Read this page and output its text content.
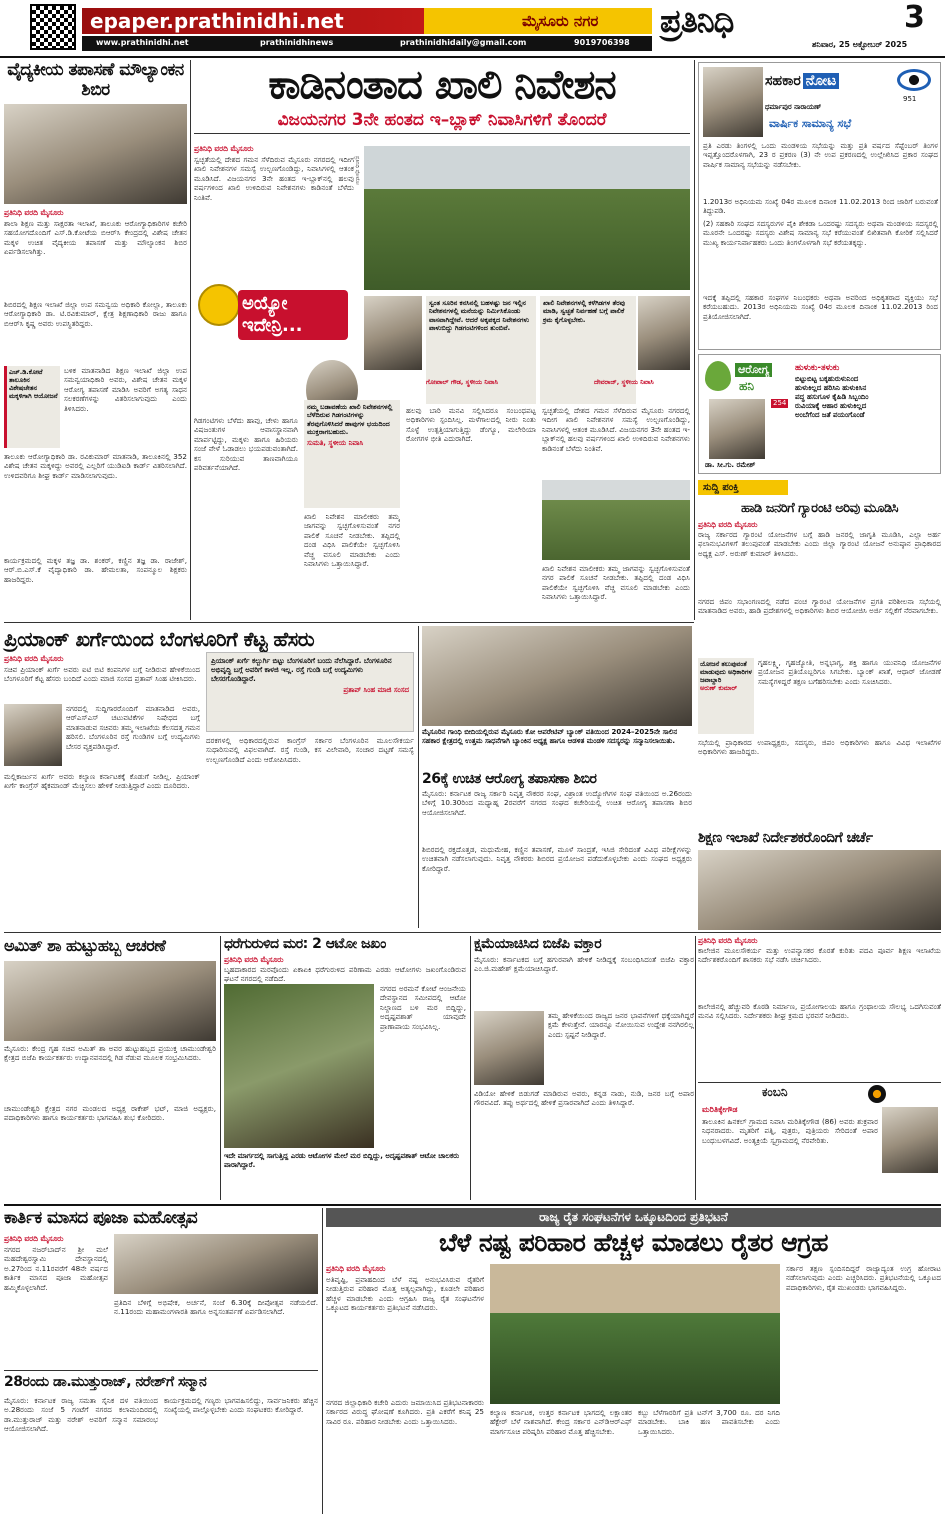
epaper.prathinidhi.net	ಮೈಸೂರು ನಗರ ಪ್ರತಿನಿಧಿ	3
www.prathinidhi.net	prathinidhinews	prathinidhidaily@gmail.com	9019706398	ಶನಿವಾರ, 25 ಅಕ್ಟೋಬರ್ 2025
ವೈದ್ಯಕೀಯ ತಪಾಸಣೆ ಮೌಲ್ಯಾಂಕನ ಶಿಬಿರ
ಪ್ರತಿನಿಧಿ ವರದಿ ಮೈಸೂರು
ಶಾಲಾ ಶಿಕ್ಷಣ ಮತ್ತು ಸಾಕ್ಷರತಾ ಇಲಾಖೆ, ತಾಲೂಕು ಆರೋಗ್ಯಾಧಿಕಾರಿಗಳ ಕಚೇರಿ ಸಹಯೋಗದೊಂದಿಗೆ ಎಸ್.ಡಿ.ಕೋಟೆಯ ಬಿಆರ್‌ಸಿ ಕೇಂದ್ರದಲ್ಲಿ ವಿಶೇಷ ಚೇತನ ಮಕ್ಕಳ ಉಚಿತ ವೈದ್ಯಕೀಯ ತಪಾಸಣೆ ಮತ್ತು ಮೌಲ್ಯಾಂಕನ ಶಿಬಿರ ಏರ್ಪಡಿಸಲಾಗಿತ್ತು.
ಶಿಬಿರದಲ್ಲಿ ಶಿಕ್ಷಣ ಇಲಾಖೆ ಜಿಲ್ಲಾ ಉಪ ಸಮನ್ವಯ ಅಧಿಕಾರಿ ಕೋಲ್ಲಾ, ತಾಲೂಕು ಆರೋಗ್ಯಾಧಿಕಾರಿ ಡಾ. ಟಿ.ರವಿಕುಮಾರ್, ಕ್ಷೇತ್ರ ಶಿಕ್ಷಣಾಧಿಕಾರಿ ರಾಜು ಹಾಗೂ ಬಿಆರ್‌ಸಿ ಕೃಷ್ಣ ಅವರು ಉಪಸ್ಥಿತರಿದ್ದರು.
ಎಚ್.ಡಿ.ಕೋಟೆ ತಾಲೂಕಿನ ವಿಶೇಷಚೇತನ ಮಕ್ಕಳಿಗಾಗಿ ಆಯೋಜನೆ
ಬಳಿಕ ಮಾತನಾಡಿದ ಶಿಕ್ಷಣ ಇಲಾಖೆ ಜಿಲ್ಲಾ ಉಪ ಸಮನ್ವಯಾಧಿಕಾರಿ ಅವರು, ವಿಶೇಷ ಚೇತನ ಮಕ್ಕಳ ಆರೋಗ್ಯ ತಪಾಸಣೆ ಮಾಡಿಸಿ ಅವರಿಗೆ ಅಗತ್ಯ ಸಾಧನ ಸಲಕರಣೆಗಳನ್ನು ವಿತರಿಸಲಾಗುವುದು ಎಂದು ತಿಳಿಸಿದರು.
ತಾಲೂಕು ಆರೋಗ್ಯಾಧಿಕಾರಿ ಡಾ. ರವಿಕುಮಾರ್ ಮಾತನಾಡಿ, ತಾಲೂಕಿನಲ್ಲಿ 352 ವಿಶೇಷ ಚೇತನ ಮಕ್ಕಳಿದ್ದು ಅವರಲ್ಲಿ ಎಲ್ಲರಿಗೆ ಯುಡಿಐಡಿ ಕಾರ್ಡ್ ವಿತರಿಸಲಾಗಿದೆ. ಉಳಿದವರಿಗೂ ಶೀಘ್ರ ಕಾರ್ಡ್ ಮಾಡಿಸಲಾಗುವುದು.
ಕಾರ್ಯಕ್ರಮದಲ್ಲಿ ಮಕ್ಕಳ ತಜ್ಞ ಡಾ. ಶಂಕರ್, ಕಣ್ಣಿನ ತಜ್ಞ ಡಾ. ರಾಜೇಶ್, ಆರ್.ಬಿ.ಎಸ್.ಕೆ ವೈದ್ಯಾಧಿಕಾರಿ ಡಾ. ಹೇಮಲತಾ, ಸಂಪನ್ಮೂಲ ಶಿಕ್ಷಕರು ಹಾಜರಿದ್ದರು.
ಕಾಡಿನಂತಾದ ಖಾಲಿ ನಿವೇಶನ
ವಿಜಯನಗರ 3ನೇ ಹಂತದ ಇ–ಬ್ಲಾಕ್ ನಿವಾಸಿಗಳಿಗೆ ತೊಂದರೆ
ಪ್ರತಿನಿಧಿ ವರದಿ ಮೈಸೂರು
ಸ್ವಚ್ಛತೆಯಲ್ಲಿ ದೇಶದ ಗಮನ ಸೆಳೆದಿರುವ ಮೈಸೂರು ನಗರದಲ್ಲಿ ಇದೀಗ ಖಾಲಿ ನಿವೇಶನಗಳ ಸಮಸ್ಯೆ ಉಲ್ಬಣಗೊಂಡಿದ್ದು, ನಿವಾಸಿಗಳಲ್ಲಿ ಆತಂಕ ಮೂಡಿಸಿದೆ. ವಿಜಯನಗರ 3ನೇ ಹಂತದ ಇ-ಬ್ಲಾಕ್‌ನಲ್ಲಿ ಹಲವು ವರ್ಷಗಳಿಂದ ಖಾಲಿ ಉಳಿದಿರುವ ನಿವೇಶನಗಳು ಕಾಡಿನಂತೆ ಬೆಳೆದು ನಿಂತಿವೆ.
ಪ್ರತಿನಿಧಿ ಫೋಟೋ
ಅಯ್ಯೋ ಇದೇನ್ರಿ...
ಸ್ವಂತ ಸೂರಿನ ಕನಸಿನಲ್ಲಿ ಬಹಳಷ್ಟು ಜನ ಇಲ್ಲಿನ ನಿವೇಶನಗಳಲ್ಲಿ ಮನೆಯನ್ನು ನಿರ್ಮಿಸಿಕೊಂಡು ವಾಸವಾಗಿದ್ದೇವೆ. ಆದರೆ ಅಕ್ಕಪಕ್ಕದ ನಿವೇಶನಗಳು ಪಾಳುಬಿದ್ದು ಗಿಡಗಂಟಿಗಳಿಂದ ತುಂಬಿವೆ.
ಖಾಲಿ ನಿವೇಶನಗಳಲ್ಲಿ ಕಳೆಗಿಡಗಳ ತೆರವು ಮಾಡಿ, ಸ್ವಚ್ಛತೆ ನಿರ್ವಹಣೆ ಬಗ್ಗೆ ಪಾಲಿಕೆ ಕ್ರಮ ಕೈಗೊಳ್ಳಬೇಕು.
ಗೋಪಾಲ್ ಗೌಡ, ಸ್ಥಳೀಯ ನಿವಾಸಿ	ದೇವರಾಜ್, ಸ್ಥಳೀಯ ನಿವಾಸಿ
ಗಿಡಗಂಟಿಗಳು ಬೆಳೆದು ಹಾವು, ಚೇಳು ಹಾಗೂ ವಿಷಜಂತುಗಳ ಆವಾಸಸ್ಥಾನವಾಗಿ ಮಾರ್ಪಟ್ಟಿದ್ದು, ಮಕ್ಕಳು ಹಾಗೂ ಹಿರಿಯರು ಸಂಜೆ ವೇಳೆ ಓಡಾಡಲು ಭಯಪಡುವಂತಾಗಿದೆ. ಕಸ ಸುರಿಯುವ ತಾಣವಾಗಿಯೂ ಪರಿವರ್ತನೆಯಾಗಿದೆ.
ನಮ್ಮ ಬಡಾವಣೆಯ ಖಾಲಿ ನಿವೇಶನಗಳಲ್ಲಿ ಬೆಳೆದಿರುವ ಗಿಡಗಂಟಿಗಳನ್ನು ತೆರವುಗೊಳಿಸಿದರೆ ಹಾವುಗಳ ಭಯದಿಂದ ಮುಕ್ತರಾಗಬಹುದು.
ಸುಮತಿ, ಸ್ಥಳೀಯ ನಿವಾಸಿ
ಖಾಲಿ ನಿವೇಶನ ಮಾಲೀಕರು ತಮ್ಮ ಜಾಗವನ್ನು ಸ್ವಚ್ಛಗೊಳಿಸುವಂತೆ ನಗರ ಪಾಲಿಕೆ ಸೂಚನೆ ನೀಡಬೇಕು. ತಪ್ಪಿದಲ್ಲಿ ದಂಡ ವಿಧಿಸಿ ಪಾಲಿಕೆಯೇ ಸ್ವಚ್ಛಗೊಳಿಸಿ ವೆಚ್ಚ ವಸೂಲಿ ಮಾಡಬೇಕು ಎಂದು ನಿವಾಸಿಗಳು ಒತ್ತಾಯಿಸಿದ್ದಾರೆ.
ಹಲವು ಬಾರಿ ಮನವಿ ಸಲ್ಲಿಸಿದರೂ ಸಂಬಂಧಪಟ್ಟ ಅಧಿಕಾರಿಗಳು ಸ್ಪಂದಿಸಿಲ್ಲ. ಮಳೆಗಾಲದಲ್ಲಿ ನೀರು ನಿಂತು ಸೊಳ್ಳೆ ಉತ್ಪತ್ತಿಯಾಗುತ್ತಿದ್ದು ಡೆಂಗ್ಯೂ, ಮಲೇರಿಯಾ ರೋಗಗಳ ಭೀತಿ ಎದುರಾಗಿದೆ.
ಸ್ವಚ್ಛತೆಯಲ್ಲಿ ದೇಶದ ಗಮನ ಸೆಳೆದಿರುವ ಮೈಸೂರು ನಗರದಲ್ಲಿ ಇದೀಗ ಖಾಲಿ ನಿವೇಶನಗಳ ಸಮಸ್ಯೆ ಉಲ್ಬಣಗೊಂಡಿದ್ದು, ನಿವಾಸಿಗಳಲ್ಲಿ ಆತಂಕ ಮೂಡಿಸಿದೆ. ವಿಜಯನಗರ 3ನೇ ಹಂತದ ಇ-ಬ್ಲಾಕ್‌ನಲ್ಲಿ ಹಲವು ವರ್ಷಗಳಿಂದ ಖಾಲಿ ಉಳಿದಿರುವ ನಿವೇಶನಗಳು ಕಾಡಿನಂತೆ ಬೆಳೆದು ನಿಂತಿವೆ.
ಖಾಲಿ ನಿವೇಶನ ಮಾಲೀಕರು ತಮ್ಮ ಜಾಗವನ್ನು ಸ್ವಚ್ಛಗೊಳಿಸುವಂತೆ ನಗರ ಪಾಲಿಕೆ ಸೂಚನೆ ನೀಡಬೇಕು. ತಪ್ಪಿದಲ್ಲಿ ದಂಡ ವಿಧಿಸಿ ಪಾಲಿಕೆಯೇ ಸ್ವಚ್ಛಗೊಳಿಸಿ ವೆಚ್ಚ ವಸೂಲಿ ಮಾಡಬೇಕು ಎಂದು ನಿವಾಸಿಗಳು ಒತ್ತಾಯಿಸಿದ್ದಾರೆ.
ಸಹಕಾರ ನೋಟ
951
ಧರ್ಮಾಪುರ ನಾರಾಯಣ್
ವಾರ್ಷಿಕ ಸಾಮಾನ್ಯ ಸಭೆ
ಪ್ರತಿ ಎರಡು ತಿಂಗಳಲ್ಲಿ ಒಂದು ಮಂಡಳಿಯ ಸಭೆಯನ್ನು ಮತ್ತು ಪ್ರತಿ ವರ್ಷದ ಸೆಪ್ಟೆಂಬರ್ ತಿಂಗಳ ಇಪ್ಪತ್ತೊಂದರೊಳಗಾಗಿ, 23 ರ ಪ್ರಕರಣ (3) ನೇ ಉಪ ಪ್ರಕರಣದಲ್ಲಿ ಉಲ್ಲೇಖಿಸಿದ ಪ್ರಕಾರ ಸಂಘದ ವಾರ್ಷಿಕ ಸಾಮಾನ್ಯ ಸಭೆಯನ್ನು ನಡೆಸಬೇಕು.
1.2013ರ ಅಧಿನಿಯಮ ಸಂಖ್ಯೆ 04ರ ಮೂಲಕ ದಿನಾಂಕ 11.02.2013 ರಿಂದ ಜಾರಿಗೆ ಬರುವಂತೆ ತಿದ್ದುಪಡಿ.
(2) ಸಹಕಾರಿ ಸಂಘದ ಸದಸ್ಯರುಗಳ ಪೈಕಿ ಶೇಕಡಾ ಒಂದರಷ್ಟು ಸದಸ್ಯರು ಅಥವಾ ಮಂಡಳಿಯ ಸದಸ್ಯರಲ್ಲಿ ಮೂರನೇ ಒಂದರಷ್ಟು ಸದಸ್ಯರು ವಿಶೇಷ ಸಾಮಾನ್ಯ ಸಭೆ ಕರೆಯುವಂತೆ ಲಿಖಿತವಾಗಿ ಕೋರಿಕೆ ಸಲ್ಲಿಸಿದರೆ ಮುಖ್ಯ ಕಾರ್ಯನಿರ್ವಾಹಕರು ಒಂದು ತಿಂಗಳೊಳಗಾಗಿ ಸಭೆ ಕರೆಯತಕ್ಕದ್ದು.
ಇದಕ್ಕೆ ತಪ್ಪಿದಲ್ಲಿ ಸಹಕಾರ ಸಂಘಗಳ ನಿಬಂಧಕರು ಅಥವಾ ಅವರಿಂದ ಅಧಿಕೃತರಾದ ವ್ಯಕ್ತಿಯು ಸಭೆ ಕರೆಯಬಹುದು. 2013ರ ಅಧಿನಿಯಮ ಸಂಖ್ಯೆ 04ರ ಮೂಲಕ ದಿನಾಂಕ 11.02.2013 ರಿಂದ ಪ್ರತಿಯೋಜಿಸಲಾಗಿದೆ.
ಆರೋಗ್ಯ
ಹನಿ
254
ಹುಳುಕು-ತಳುಕು
ಬಿಟ್ಟುಬಿಟ್ಟ ಬಕ್ಕಹುರುಳುನಿಂದ
ಹುಳುಕಿಲ್ಲದ ಹರಿಸಿನಿ ಹುಳುಕಿಸಿನ
ಪದ್ಧ ಹಸುಗೂಳ ಕೈಹಿಡಿ ಸಿಬ್ಬಂದಿಂ
ರುವಿಯಾಕ್ಕೆ ಆಹಾರ ಹುಳುಕಿಲ್ಲದ
ಅಂಬೆಗೆಂದ ಜತೆ ಪಯಂಗೊಂಡೆ
ಡಾ. ಸೀ.ಗು. ರಮೇಶ್
ಸುದ್ದಿ ಪಂಕ್ತಿ
ಹಾಡಿ ಜನರಿಗೆ ಗ್ಯಾರಂಟಿ ಅರಿವು ಮೂಡಿಸಿ
ಪ್ರತಿನಿಧಿ ವರದಿ ಮೈಸೂರು
ರಾಜ್ಯ ಸರ್ಕಾರದ ಗ್ಯಾರಂಟಿ ಯೋಜನೆಗಳ ಬಗ್ಗೆ ಹಾಡಿ ಜನರಲ್ಲಿ ಜಾಗೃತಿ ಮೂಡಿಸಿ, ಎಲ್ಲಾ ಅರ್ಹ ಫಲಾನುಭವಿಗಳಿಗೆ ತಲುಪುವಂತೆ ಮಾಡಬೇಕು ಎಂದು ಜಿಲ್ಲಾ ಗ್ಯಾರಂಟಿ ಯೋಜನೆ ಅನುಷ್ಠಾನ ಪ್ರಾಧಿಕಾರದ ಅಧ್ಯಕ್ಷ ಎಸ್. ಅರುಣ್ ಕುಮಾರ್ ತಿಳಿಸಿದರು.
ನಗರದ ಜಿಪಂ ಸಭಾಂಗಣದಲ್ಲಿ ನಡೆದ ಪಂಚ ಗ್ಯಾರಂಟಿ ಯೋಜನೆಗಳ ಪ್ರಗತಿ ಪರಿಶೀಲನಾ ಸಭೆಯಲ್ಲಿ ಮಾತನಾಡಿದ ಅವರು, ಹಾಡಿ ಪ್ರದೇಶಗಳಲ್ಲಿ ಅಧಿಕಾರಿಗಳು ಶಿಬಿರ ಆಯೋಜಿಸಿ ಅರ್ಜಿ ಸಲ್ಲಿಕೆಗೆ ನೆರವಾಗಬೇಕು.
ಯೋಜನೆ ತಲುಪುವಂತೆ ಮಾಡುವುದು ಅಧಿಕಾರಿಗಳ ಜವಾಬ್ದಾರಿ
ಅರುಣ್ ಕುಮಾರ್
ಗೃಹಲಕ್ಷ್ಮಿ, ಗೃಹಜ್ಯೋತಿ, ಅನ್ನಭಾಗ್ಯ, ಶಕ್ತಿ ಹಾಗೂ ಯುವನಿಧಿ ಯೋಜನೆಗಳ ಪ್ರಯೋಜನ ಪ್ರತಿಯೊಬ್ಬರಿಗೂ ಸಿಗಬೇಕು. ಬ್ಯಾಂಕ್ ಖಾತೆ, ಆಧಾರ್ ಜೋಡಣೆ ಸಮಸ್ಯೆಗಳಿದ್ದರೆ ತಕ್ಷಣ ಬಗೆಹರಿಸಬೇಕು ಎಂದು ಸೂಚಿಸಿದರು.
ಸಭೆಯಲ್ಲಿ ಪ್ರಾಧಿಕಾರದ ಉಪಾಧ್ಯಕ್ಷರು, ಸದಸ್ಯರು, ಜಿಪಂ ಅಧಿಕಾರಿಗಳು ಹಾಗೂ ವಿವಿಧ ಇಲಾಖೆಗಳ ಅಧಿಕಾರಿಗಳು ಹಾಜರಿದ್ದರು.
ಪ್ರಿಯಾಂಕ್ ಖರ್ಗೆಯಿಂದ ಬೆಂಗಳೂರಿಗೆ ಕೆಟ್ಟ ಹೆಸರು
ಪ್ರತಿನಿಧಿ ವರದಿ ಮೈಸೂರು
ಸಚಿವ ಪ್ರಿಯಾಂಕ್ ಖರ್ಗೆ ಅವರು ಐಟಿ ಬಿಟಿ ಕಂಪನಿಗಳ ಬಗ್ಗೆ ನೀಡಿರುವ ಹೇಳಿಕೆಯಿಂದ ಬೆಂಗಳೂರಿಗೆ ಕೆಟ್ಟ ಹೆಸರು ಬಂದಿದೆ ಎಂದು ಮಾಜಿ ಸಂಸದ ಪ್ರತಾಪ್ ಸಿಂಹ ಟೀಕಿಸಿದರು.
ನಗರದಲ್ಲಿ ಸುದ್ದಿಗಾರರೊಂದಿಗೆ ಮಾತನಾಡಿದ ಅವರು, ಆರ್‌ಎಸ್‌ಎಸ್ ಚಟುವಟಿಕೆಗಳ ನಿಷೇಧದ ಬಗ್ಗೆ ಮಾತನಾಡುವ ಸಚಿವರು ತಮ್ಮ ಇಲಾಖೆಯ ಕೆಲಸದತ್ತ ಗಮನ ಹರಿಸಲಿ. ಬೆಂಗಳೂರಿನ ರಸ್ತೆ ಗುಂಡಿಗಳ ಬಗ್ಗೆ ಉದ್ಯಮಿಗಳು ಬೇಸರ ವ್ಯಕ್ತಪಡಿಸಿದ್ದಾರೆ.
ಮಲ್ಲಿಕಾರ್ಜುನ ಖರ್ಗೆ ಅವರು ಕಲ್ಯಾಣ ಕರ್ನಾಟಕಕ್ಕೆ ಕೊಡುಗೆ ನೀಡಿಲ್ಲ. ಪ್ರಿಯಾಂಕ್ ಖರ್ಗೆ ಕಾಂಗ್ರೆಸ್ ಹೈಕಮಾಂಡ್ ಮೆಚ್ಚಿಸಲು ಹೇಳಿಕೆ ನೀಡುತ್ತಿದ್ದಾರೆ ಎಂದು ದೂರಿದರು.
ಪ್ರಿಯಾಂಕ್ ಖರ್ಗೆ ಕಲ್ಬುರ್ಗಿ ಬಿಟ್ಟು ಬೆಂಗಳೂರಿಗೆ ಬಂದು ನೆಲೆಸಿದ್ದಾರೆ. ಬೆಂಗಳೂರಿನ ಅಭಿವೃದ್ಧಿ ಬಗ್ಗೆ ಅವರಿಗೆ ಕಾಳಜಿ ಇಲ್ಲ. ರಸ್ತೆ ಗುಂಡಿ ಬಗ್ಗೆ ಉದ್ಯಮಿಗಳು ಬೇಸರಗೊಂಡಿದ್ದಾರೆ.
ಪ್ರತಾಪ್ ಸಿಂಹ ಮಾಜಿ ಸಂಸದ
ದರಕಗಳಲ್ಲಿ ಅಧಿಕಾರದಲ್ಲಿರುವ ಕಾಂಗ್ರೆಸ್ ಸರ್ಕಾರ ಬೆಂಗಳೂರಿನ ಮೂಲಸೌಕರ್ಯ ಸುಧಾರಿಸುವಲ್ಲಿ ವಿಫಲವಾಗಿದೆ. ರಸ್ತೆ ಗುಂಡಿ, ಕಸ ವಿಲೇವಾರಿ, ಸಂಚಾರ ದಟ್ಟಣೆ ಸಮಸ್ಯೆ ಉಲ್ಬಣಗೊಂಡಿದೆ ಎಂದು ಆರೋಪಿಸಿದರು.
ಮೈಸೂರಿನ ಗಾಂಧಿ ಬೀದಿಯಲ್ಲಿರುವ ಮೈಸೂರು ಕೋ ಆಪರೇಟಿವ್ ಬ್ಯಾಂಕ್ ವತಿಯಿಂದ 2024–2025ನೇ ಸಾಲಿನ ಸಹಕಾರ ಕ್ಷೇತ್ರದಲ್ಲಿ ಉತ್ತಮ ಸಾಧನೆಗಾಗಿ ಬ್ಯಾಂಕಿನ ಅಧ್ಯಕ್ಷ ಹಾಗೂ ಆಡಳಿತ ಮಂಡಳಿ ಸದಸ್ಯರನ್ನು ಸನ್ಮಾನಿಸಲಾಯಿತು.
26ಕ್ಕೆ ಉಚಿತ ಆರೋಗ್ಯ ತಪಾಸಣಾ ಶಿಬಿರ
ಮೈಸೂರು: ಕರ್ನಾಟಕ ರಾಜ್ಯ ಸರ್ಕಾರಿ ನಿವೃತ್ತ ನೌಕರರ ಸಂಘ, ವಿಶ್ರಾಂತ ಉದ್ಯೋಗಿಗಳ ಸಂಘ ವತಿಯಿಂದ ಅ.26ರಂದು ಬೆಳಿಗ್ಗೆ 10.30ರಿಂದ ಮಧ್ಯಾಹ್ನ 2ರವರೆಗೆ ನಗರದ ಸಂಘದ ಕಚೇರಿಯಲ್ಲಿ ಉಚಿತ ಆರೋಗ್ಯ ತಪಾಸಣಾ ಶಿಬಿರ ಆಯೋಜಿಸಲಾಗಿದೆ.
ಶಿಬಿರದಲ್ಲಿ ರಕ್ತದೊತ್ತಡ, ಮಧುಮೇಹ, ಕಣ್ಣಿನ ತಪಾಸಣೆ, ಮೂಳೆ ಸಾಂದ್ರತೆ, ಇಸಿಜಿ ಸೇರಿದಂತೆ ವಿವಿಧ ಪರೀಕ್ಷೆಗಳನ್ನು ಉಚಿತವಾಗಿ ನಡೆಸಲಾಗುವುದು. ನಿವೃತ್ತ ನೌಕರರು ಶಿಬಿರದ ಪ್ರಯೋಜನ ಪಡೆದುಕೊಳ್ಳಬೇಕು ಎಂದು ಸಂಘದ ಅಧ್ಯಕ್ಷರು ಕೋರಿದ್ದಾರೆ.
ಶಿಕ್ಷಣ ಇಲಾಖೆ ನಿರ್ದೇಶಕರೊಂದಿಗೆ ಚರ್ಚೆ
ಅಮಿತ್ ಶಾ ಹುಟ್ಟುಹಬ್ಬ ಆಚರಣೆ
ಮೈಸೂರು: ಕೇಂದ್ರ ಗೃಹ ಸಚಿವ ಅಮಿತ್ ಶಾ ಅವರ ಹುಟ್ಟುಹಬ್ಬದ ಪ್ರಯುಕ್ತ ಚಾಮುಂಡೇಶ್ವರಿ ಕ್ಷೇತ್ರದ ಬಿಜೆಪಿ ಕಾರ್ಯಕರ್ತರು ಉದ್ಯಾನವನದಲ್ಲಿ ಗಿಡ ನೆಡುವ ಮೂಲಕ ಸಂಭ್ರಮಿಸಿದರು.
ಚಾಮುಂಡೇಶ್ವರಿ ಕ್ಷೇತ್ರದ ನಗರ ಮಂಡಲದ ಅಧ್ಯಕ್ಷ ರಾಕೇಶ್ ಭಟ್, ಮಾಜಿ ಅಧ್ಯಕ್ಷರು, ಪದಾಧಿಕಾರಿಗಳು ಹಾಗೂ ಕಾರ್ಯಕರ್ತರು ಭಾಗವಹಿಸಿ ಶುಭ ಕೋರಿದರು.
ಧರೆಗುರುಳಿದ ಮರ: 2 ಆಟೋ ಜಖಂ
ಪ್ರತಿನಿಧಿ ವರದಿ ಮೈಸೂರು
ಬೃಹದಾಕಾರದ ಮರವೊಂದು ಏಕಾಏಕಿ ಧರೆಗುರುಳಿದ ಪರಿಣಾಮ ಎರಡು ಆಟೋಗಳು ಜಖಂಗೊಂಡಿರುವ ಘಟನೆ ನಗರದಲ್ಲಿ ನಡೆದಿದೆ.
ನಗರದ ಅರಮನೆ ಕೋಟೆ ಆಂಜನೇಯ ದೇವಸ್ಥಾನದ ಸಮೀಪದಲ್ಲಿ ಆಟೋ ನಿಲ್ದಾಣದ ಬಳಿ ಮರ ಬಿದ್ದಿದ್ದು, ಅದೃಷ್ಟವಶಾತ್ ಯಾವುದೇ ಪ್ರಾಣಾಪಾಯ ಸಂಭವಿಸಿಲ್ಲ.
ಇದೇ ಮಾರ್ಗದಲ್ಲಿ ಸಾಗುತ್ತಿದ್ದ ಎರಡು ಆಟೋಗಳ ಮೇಲೆ ಮರ ಬಿದ್ದಿದ್ದು, ಅದೃಷ್ಟವಶಾತ್ ಆಟೋ ಚಾಲಕರು ಪಾರಾಗಿದ್ದಾರೆ.
ಕ್ಷಮೆಯಾಚಿಸಿದ ಬಿಜೆಪಿ ವಕ್ತಾರ
ಮೈಸೂರು: ಕರ್ನಾಟಕದ ಬಗ್ಗೆ ಹಗುರವಾಗಿ ಹೇಳಿಕೆ ನೀಡಿದ್ದಕ್ಕೆ ಸಂಬಂಧಿಸಿದಂತೆ ಬಿಜೆಪಿ ವಕ್ತಾರ ಎಂ.ಜಿ.ಮಹೇಶ್ ಕ್ಷಮೆಯಾಚಿಸಿದ್ದಾರೆ.
ತಮ್ಮ ಹೇಳಿಕೆಯಿಂದ ರಾಜ್ಯದ ಜನರ ಭಾವನೆಗಳಿಗೆ ಧಕ್ಕೆಯಾಗಿದ್ದರೆ ಕ್ಷಮೆ ಕೇಳುತ್ತೇನೆ. ಯಾರನ್ನೂ ನೋಯಿಸುವ ಉದ್ದೇಶ ನನಗಿರಲಿಲ್ಲ ಎಂದು ಸ್ಪಷ್ಟನೆ ನೀಡಿದ್ದಾರೆ.
ವಿಡಿಯೋ ಹೇಳಿಕೆ ಬಿಡುಗಡೆ ಮಾಡಿರುವ ಅವರು, ಕನ್ನಡ ನಾಡು, ನುಡಿ, ಜನರ ಬಗ್ಗೆ ಅಪಾರ ಗೌರವವಿದೆ. ತಪ್ಪು ಅರ್ಥದಲ್ಲಿ ಹೇಳಿಕೆ ಪ್ರಸಾರವಾಗಿದೆ ಎಂದು ತಿಳಿಸಿದ್ದಾರೆ.
ಪ್ರತಿನಿಧಿ ವರದಿ ಮೈಸೂರು
ಕಾಲೇಜಿನ ಮೂಲಸೌಕರ್ಯ ಮತ್ತು ಉಪನ್ಯಾಸಕರ ಕೊರತೆ ಕುರಿತು ಪದವಿ ಪೂರ್ವ ಶಿಕ್ಷಣ ಇಲಾಖೆಯ ನಿರ್ದೇಶಕರೊಂದಿಗೆ ಶಾಸಕರು ಸಭೆ ನಡೆಸಿ ಚರ್ಚಿಸಿದರು.
ಕಾಲೇಜಿನಲ್ಲಿ ಹೆಚ್ಚುವರಿ ಕೊಠಡಿ ನಿರ್ಮಾಣ, ಪ್ರಯೋಗಾಲಯ ಹಾಗೂ ಗ್ರಂಥಾಲಯ ಸೌಲಭ್ಯ ಒದಗಿಸುವಂತೆ ಮನವಿ ಸಲ್ಲಿಸಿದರು. ನಿರ್ದೇಶಕರು ಶೀಘ್ರ ಕ್ರಮದ ಭರವಸೆ ನೀಡಿದರು.
ಕಂಬನಿ
ಮರಿತಿಕ್ಕೇಗೌಡ
ತಾಲೂಕಿನ ಹಿನಕಲ್ ಗ್ರಾಮದ ನಿವಾಸಿ ಮರಿತಿಕ್ಕೇಗೌಡ (86) ಅವರು ಶುಕ್ರವಾರ ನಿಧನರಾದರು. ಮೃತರಿಗೆ ಪತ್ನಿ, ಪುತ್ರರು, ಪುತ್ರಿಯರು ಸೇರಿದಂತೆ ಅಪಾರ ಬಂಧುಬಳಗವಿದೆ. ಅಂತ್ಯಕ್ರಿಯೆ ಸ್ವಗ್ರಾಮದಲ್ಲಿ ನೆರವೇರಿತು.
ಕಾರ್ತಿಕ ಮಾಸದ ಪೂಜಾ ಮಹೋತ್ಸವ
ಪ್ರತಿನಿಧಿ ವರದಿ ಮೈಸೂರು
ನಗರದ ನಜರ್‌ಬಾದ್‌ನ ಶ್ರೀ ಮಲೆ ಮಹದೇಶ್ವರಸ್ವಾಮಿ ದೇವಸ್ಥಾನದಲ್ಲಿ ಅ.27ರಿಂದ ನ.11ರವರೆಗೆ 48ನೇ ವರ್ಷದ ಕಾರ್ತಿಕ ಮಾಸದ ಪೂಜಾ ಮಹೋತ್ಸವ ಹಮ್ಮಿಕೊಳ್ಳಲಾಗಿದೆ.
ಪ್ರತಿದಿನ ಬೆಳಿಗ್ಗೆ ಅಭಿಷೇಕ, ಅರ್ಚನೆ, ಸಂಜೆ 6.30ಕ್ಕೆ ದೀಪೋತ್ಸವ ನಡೆಯಲಿದೆ. ನ.11ರಂದು ಮಹಾಮಂಗಳಾರತಿ ಹಾಗೂ ಅನ್ನಸಂತರ್ಪಣೆ ಏರ್ಪಡಿಸಲಾಗಿದೆ.
28ರಂದು ಡಾ.ಮುತ್ತುರಾಜ್, ನರೇಶ್‌ಗೆ ಸನ್ಮಾನ
ಮೈಸೂರು: ಕರ್ನಾಟಕ ರಾಜ್ಯ ಸಮತಾ ಸೈನಿಕ ದಳ ವತಿಯಿಂದ ಅ.28ರಂದು ಸಂಜೆ 5 ಗಂಟೆಗೆ ನಗರದ ಕಲಾಮಂದಿರದಲ್ಲಿ ಡಾ.ಮುತ್ತುರಾಜ್ ಮತ್ತು ನರೇಶ್ ಅವರಿಗೆ ಸನ್ಮಾನ ಸಮಾರಂಭ ಆಯೋಜಿಸಲಾಗಿದೆ.
ಕಾರ್ಯಕ್ರಮದಲ್ಲಿ ಗಣ್ಯರು ಭಾಗವಹಿಸಲಿದ್ದು, ಸಾರ್ವಜನಿಕರು ಹೆಚ್ಚಿನ ಸಂಖ್ಯೆಯಲ್ಲಿ ಪಾಲ್ಗೊಳ್ಳಬೇಕು ಎಂದು ಸಂಘಟಕರು ಕೋರಿದ್ದಾರೆ.
ರಾಜ್ಯ ರೈತ ಸಂಘಟನೆಗಳ ಒಕ್ಕೂಟದಿಂದ ಪ್ರತಿಭಟನೆ
ಬೆಳೆ ನಷ್ಟ ಪರಿಹಾರ ಹೆಚ್ಚಳ ಮಾಡಲು ರೈತರ ಆಗ್ರಹ
ಪ್ರತಿನಿಧಿ ವರದಿ ಮೈಸೂರು
ಅತಿವೃಷ್ಟಿ, ಪ್ರವಾಹದಿಂದ ಬೆಳೆ ನಷ್ಟ ಅನುಭವಿಸಿರುವ ರೈತರಿಗೆ ನೀಡುತ್ತಿರುವ ಪರಿಹಾರ ಮೊತ್ತ ಅತ್ಯಲ್ಪವಾಗಿದ್ದು, ಕೂಡಲೇ ಪರಿಹಾರ ಹೆಚ್ಚಳ ಮಾಡಬೇಕು ಎಂದು ಆಗ್ರಹಿಸಿ ರಾಜ್ಯ ರೈತ ಸಂಘಟನೆಗಳ ಒಕ್ಕೂಟದ ಕಾರ್ಯಕರ್ತರು ಪ್ರತಿಭಟನೆ ನಡೆಸಿದರು.
ನಗರದ ಜಿಲ್ಲಾಧಿಕಾರಿ ಕಚೇರಿ ಎದುರು ಜಮಾಯಿಸಿದ ಪ್ರತಿಭಟನಾಕಾರರು ಸರ್ಕಾರದ ವಿರುದ್ಧ ಘೋಷಣೆ ಕೂಗಿದರು. ಪ್ರತಿ ಎಕರೆಗೆ ಕನಿಷ್ಠ 25 ಸಾವಿರ ರೂ. ಪರಿಹಾರ ನೀಡಬೇಕು ಎಂದು ಒತ್ತಾಯಿಸಿದರು.
ಕಲ್ಯಾಣ ಕರ್ನಾಟಕ, ಉತ್ತರ ಕರ್ನಾಟಕ ಭಾಗದಲ್ಲಿ ಲಕ್ಷಾಂತರ ಹೆಕ್ಟೇರ್ ಬೆಳೆ ನಾಶವಾಗಿದೆ. ಕೇಂದ್ರ ಸರ್ಕಾರ ಎನ್‌ಡಿಆರ್‌ಎಫ್ ಮಾರ್ಗಸೂಚಿ ಪರಿಷ್ಕರಿಸಿ ಪರಿಹಾರ ಮೊತ್ತ ಹೆಚ್ಚಿಸಬೇಕು.
ಕಬ್ಬು ಬೆಳೆಗಾರರಿಗೆ ಪ್ರತಿ ಟನ್‌ಗೆ 3,700 ರೂ. ದರ ನಿಗದಿ ಮಾಡಬೇಕು. ಬಾಕಿ ಹಣ ಪಾವತಿಸಬೇಕು ಎಂದು ಒತ್ತಾಯಿಸಿದರು.
ಸರ್ಕಾರ ತಕ್ಷಣ ಸ್ಪಂದಿಸದಿದ್ದರೆ ರಾಜ್ಯಾದ್ಯಂತ ಉಗ್ರ ಹೋರಾಟ ನಡೆಸಲಾಗುವುದು ಎಂದು ಎಚ್ಚರಿಸಿದರು. ಪ್ರತಿಭಟನೆಯಲ್ಲಿ ಒಕ್ಕೂಟದ ಪದಾಧಿಕಾರಿಗಳು, ರೈತ ಮುಖಂಡರು ಭಾಗವಹಿಸಿದ್ದರು.
